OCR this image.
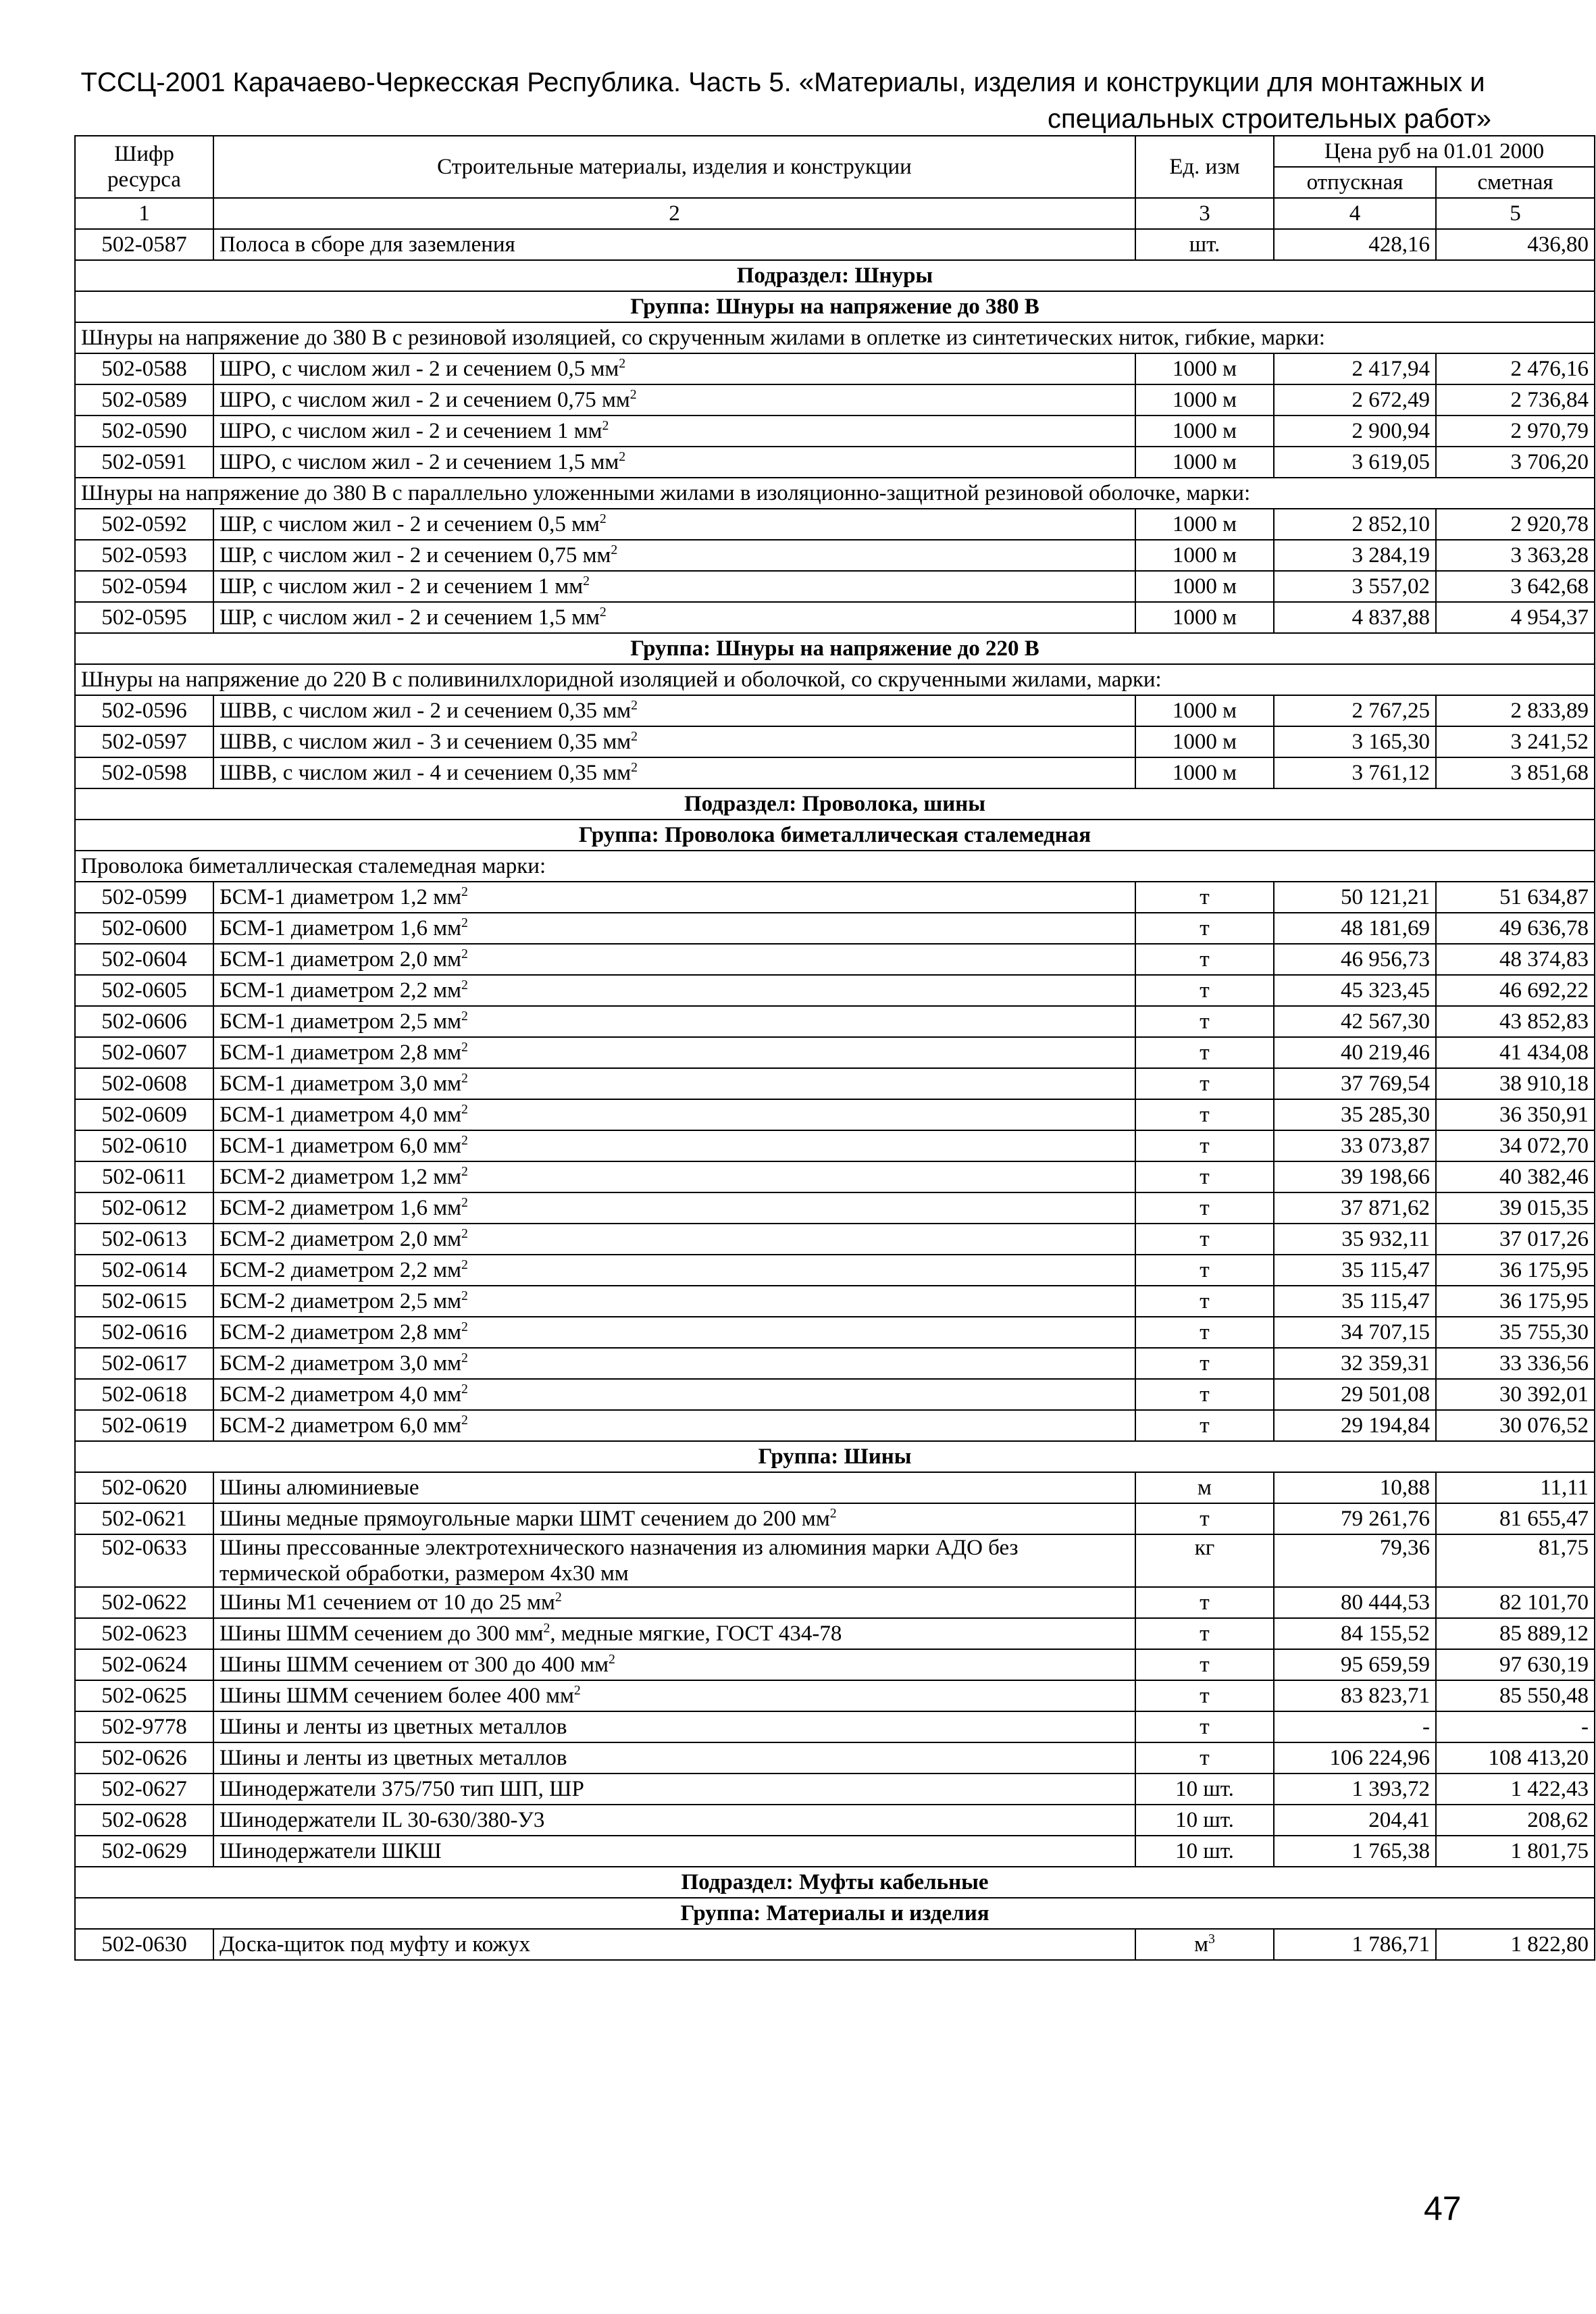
ТССЦ-2001 Карачаево-Черкесская Республика. Часть 5. «Материалы, изделия и конструкции для монтажных и
специальных строительных работ»
Шифр ресурса	Строительные материалы, изделия и конструкции	Ед. изм	Цена руб на 01.01 2000	
			отпускная	сметная
1	2	3	4	5
502-0587	Полоса в сборе для заземления	шт.	428,16	436,80
Подраздел: Шнуры				
Группа: Шнуры на напряжение до 380 В				
Шнуры на напряжение до 380 В с резиновой изоляцией, со скрученным жилами в оплетке из синтетических ниток, гибкие, марки:				
502-0588	ШРО, с числом жил - 2 и сечением 0,5 $мм^2$	1000 м	2 417,94	2 476,16
502-0589	ШРО, с числом жил - 2 и сечением 0,75 $мм^2$	1000 м	2 672,49	2 736,84
502-0590	ШРО, с числом жил - 2 и сечением 1 $мм^2$	1000 м	2 900,94	2 970,79
502-0591	ШРО, с числом жил - 2 и сечением 1,5 $мм^2$	1000 м	3 619,05	3 706,20
Шнуры на напряжение до 380 В с параллельно уложенными жилами в изоляционно-защитной резиновой оболочке, марки:				
502-0592	ШР, с числом жил - 2 и сечением 0,5 $мм^2$	1000 м	2 852,10	2 920,78
502-0593	ШР, с числом жил - 2 и сечением 0,75 $мм^2$	1000 м	3 284,19	3 363,28
502-0594	ШР, с числом жил - 2 и сечением 1 $мм^2$	1000 м	3 557,02	3 642,68
502-0595	ШР, с числом жил - 2 и сечением 1,5 $мм^2$	1000 м	4 837,88	4 954,37
Группа: Шнуры на напряжение до 220 В				
Шнуры на напряжение до 220 В с поливинилхлоридной изоляцией и оболочкой, со скрученными жилами, марки:				
502-0596	ШВВ, с числом жил - 2 и сечением 0,35 $мм^2$	1000 м	2 767,25	2 833,89
502-0597	ШВВ, с числом жил - 3 и сечением 0,35 $мм^2$	1000 м	3 165,30	3 241,52
502-0598	ШВВ, с числом жил - 4 и сечением 0,35 $мм^2$	1000 м	3 761,12	3 851,68
Подраздел: Проволока, шины				
Группа: Проволока биметаллическая сталемедная				
Проволока биметаллическая сталемедная марки:				
502-0599	БСМ-1 диаметром 1,2 $мм^2$	т	50 121,21	51 634,87
502-0600	БСМ-1 диаметром 1,6 $мм^2$	т	48 181,69	49 636,78
502-0604	БСМ-1 диаметром 2,0 $мм^2$	т	46 956,73	48 374,83
502-0605	БСМ-1 диаметром 2,2 $мм^2$	т	45 323,45	46 692,22
502-0606	БСМ-1 диаметром 2,5 $мм^2$	т	42 567,30	43 852,83
502-0607	БСМ-1 диаметром 2,8 $мм^2$	т	40 219,46	41 434,08
502-0608	БСМ-1 диаметром 3,0 $мм^2$	т	37 769,54	38 910,18
502-0609	БСМ-1 диаметром 4,0 $мм^2$	т	35 285,30	36 350,91
502-0610	БСМ-1 диаметром 6,0 $мм^2$	т	33 073,87	34 072,70
502-0611	БСМ-2 диаметром 1,2 $мм^2$	т	39 198,66	40 382,46
502-0612	БСМ-2 диаметром 1,6 $мм^2$	т	37 871,62	39 015,35
502-0613	БСМ-2 диаметром 2,0 $мм^2$	т	35 932,11	37 017,26
502-0614	БСМ-2 диаметром 2,2 $мм^2$	т	35 115,47	36 175,95
502-0615	БСМ-2 диаметром 2,5 $мм^2$	т	35 115,47	36 175,95
502-0616	БСМ-2 диаметром 2,8 $мм^2$	т	34 707,15	35 755,30
502-0617	БСМ-2 диаметром 3,0 $мм^2$	т	32 359,31	33 336,56
502-0618	БСМ-2 диаметром 4,0 $мм^2$	т	29 501,08	30 392,01
502-0619	БСМ-2 диаметром 6,0 $мм^2$	т	29 194,84	30 076,52
Группа: Шины				
502-0620	Шины алюминиевые	м	10,88	11,11
502-0621	Шины медные прямоугольные марки ШМТ сечением до 200 $мм^2$	т	79 261,76	81 655,47
502-0633	Шины прессованные электротехнического назначения из алюминия марки АДО без термической обработки, размером 4х30 мм	кг	79,36	81,75
502-0622	Шины М1 сечением от 10 до 25 $мм^2$	т	80 444,53	82 101,70
502-0623	Шины ШММ сечением до 300 $мм^2$, медные мягкие, ГОСТ 434-78	т	84 155,52	85 889,12
502-0624	Шины ШММ сечением от 300 до 400 $мм^2$	т	95 659,59	97 630,19
502-0625	Шины ШММ сечением более 400 $мм^2$	т	83 823,71	85 550,48
502-9778	Шины и ленты из цветных металлов	т	-	-
502-0626	Шины и ленты из цветных металлов	т	106 224,96	108 413,20
502-0627	Шинодержатели 375/750 тип ШП, ШР	10 шт.	1 393,72	1 422,43
502-0628	Шинодержатели IL 30-630/380-У3	10 шт.	204,41	208,62
502-0629	Шинодержатели ШКШ	10 шт.	1 765,38	1 801,75
Подраздел: Муфты кабельные				
Группа: Материалы и изделия				
502-0630	Доска-щиток под муфту и кожух	$м^3$	1 786,71	1 822,80
47
